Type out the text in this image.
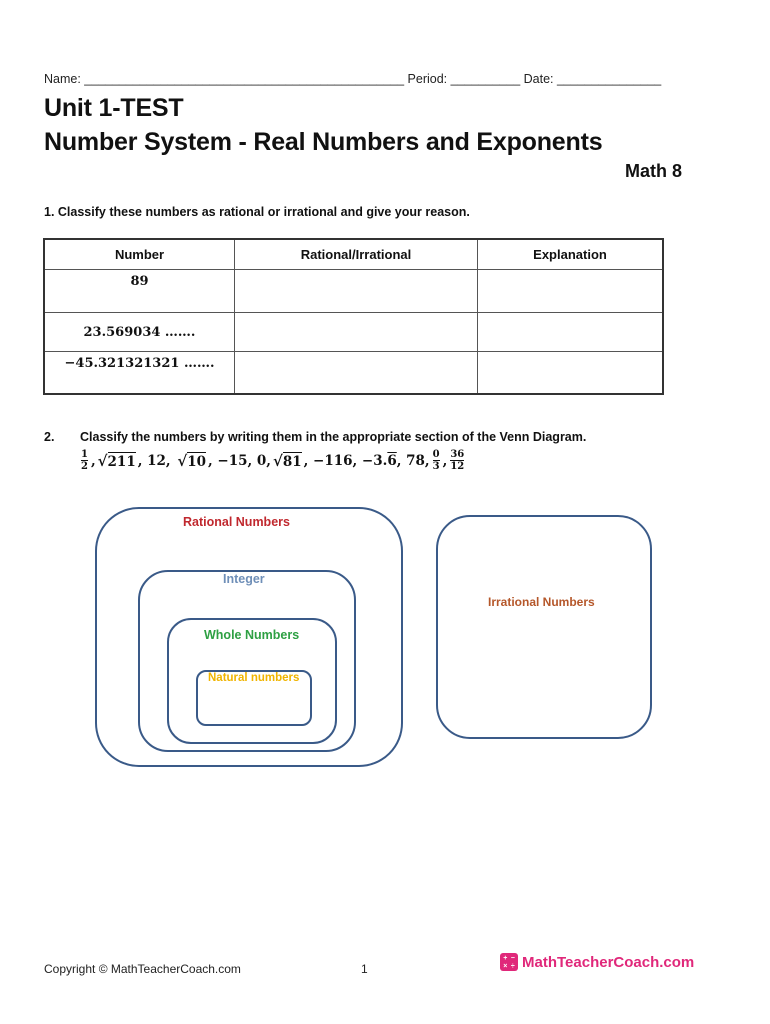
Name: ______________________________________________ Period: __________ Date: _______________
Unit 1-TEST
Number System - Real Numbers and Exponents
Math 8
1. Classify these numbers as rational or irrational and give your reason.
Number	Rational/Irrational	Explanation
89		
23.569034 …….		
−45.321321321 …….		
2. Classify the numbers by writing them in the appropriate section of the Venn Diagram.
$\frac{1}{2}$ , √ 211 ,
12,
√ 10 , −15, 0, √ 81 , −116, −3. 6 , 78, $\frac{0}{3}$ , $\frac{36}{12}$
Rational Numbers
Integer
Whole Numbers
Natural numbers
Irrational Numbers
Copyright © MathTeacherCoach.com	1
+ −
× ÷ MathTeacherCoach.com
